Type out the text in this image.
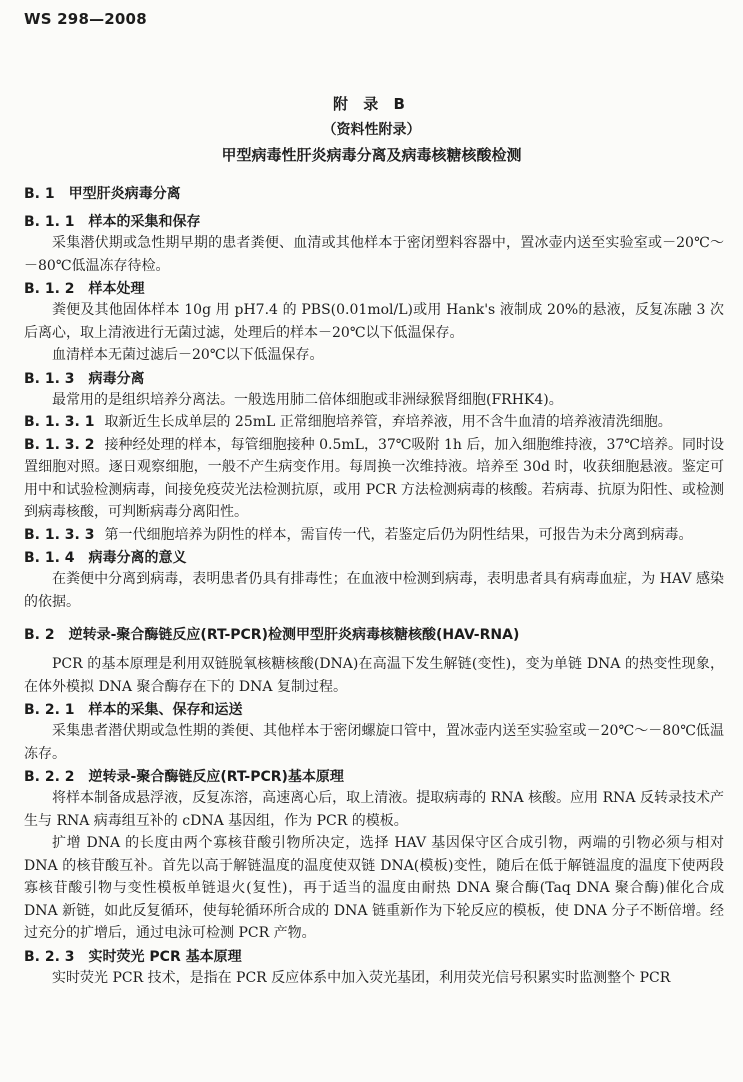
WS 298—2008
附 录 B
（资料性附录）
甲型病毒性肝炎病毒分离及病毒核糖核酸检测
B. 1 甲型肝炎病毒分离
B. 1. 1 样本的采集和保存

采集潜伏期或急性期早期的患者粪便、血清或其他样本于密闭塑料容器中，置冰壶内送至实验室或－20℃～－80℃低温冻存待检。

B. 1. 2 样本处理

粪便及其他固体样本 10g 用 pH7.4 的 PBS(0.01mol/L)或用 Hank's 液制成 20%的悬液，反复冻融 3 次后离心，取上清液进行无菌过滤，处理后的样本－20℃以下低温保存。

血清样本无菌过滤后－20℃以下低温保存。

B. 1. 3 病毒分离

最常用的是组织培养分离法。一般选用肺二倍体细胞或非洲绿猴肾细胞(FRHK4)。

B. 1. 3. 1 取新近生长成单层的 25mL 正常细胞培养管，弃培养液，用不含牛血清的培养液清洗细胞。

B. 1. 3. 2 接种经处理的样本，每管细胞接种 0.5mL，37℃吸附 1h 后，加入细胞维持液，37℃培养。同时设置细胞对照。逐日观察细胞，一般不产生病变作用。每周换一次维持液。培养至 30d 时，收获细胞悬液。鉴定可用中和试验检测病毒，间接免疫荧光法检测抗原，或用 PCR 方法检测病毒的核酸。若病毒、抗原为阳性、或检测到病毒核酸，可判断病毒分离阳性。

B. 1. 3. 3 第一代细胞培养为阴性的样本，需盲传一代，若鉴定后仍为阴性结果，可报告为未分离到病毒。

B. 1. 4 病毒分离的意义

在粪便中分离到病毒，表明患者仍具有排毒性；在血液中检测到病毒，表明患者具有病毒血症，为 HAV 感染的依据。

B. 2 逆转录-聚合酶链反应(RT-PCR)检测甲型肝炎病毒核糖核酸(HAV-RNA)

PCR 的基本原理是利用双链脱氧核糖核酸(DNA)在高温下发生解链(变性)，变为单链 DNA 的热变性现象，在体外模拟 DNA 聚合酶存在下的 DNA 复制过程。

B. 2. 1 样本的采集、保存和运送

采集患者潜伏期或急性期的粪便、其他样本于密闭螺旋口管中，置冰壶内送至实验室或－20℃～－80℃低温冻存。

B. 2. 2 逆转录-聚合酶链反应(RT-PCR)基本原理

将样本制备成悬浮液，反复冻溶，高速离心后，取上清液。提取病毒的 RNA 核酸。应用 RNA 反转录技术产生与 RNA 病毒组互补的 cDNA 基因组，作为 PCR 的模板。

扩增 DNA 的长度由两个寡核苷酸引物所决定，选择 HAV 基因保守区合成引物，两端的引物必须与相对 DNA 的核苷酸互补。首先以高于解链温度的温度使双链 DNA(模板)变性，随后在低于解链温度的温度下使两段寡核苷酸引物与变性模板单链退火(复性)，再于适当的温度由耐热 DNA 聚合酶(Taq DNA 聚合酶)催化合成 DNA 新链，如此反复循环，使每轮循环所合成的 DNA 链重新作为下轮反应的模板，使 DNA 分子不断倍增。经过充分的扩增后，通过电泳可检测 PCR 产物。

B. 2. 3 实时荧光 PCR 基本原理

实时荧光 PCR 技术，是指在 PCR 反应体系中加入荧光基团，利用荧光信号积累实时监测整个 PCR
